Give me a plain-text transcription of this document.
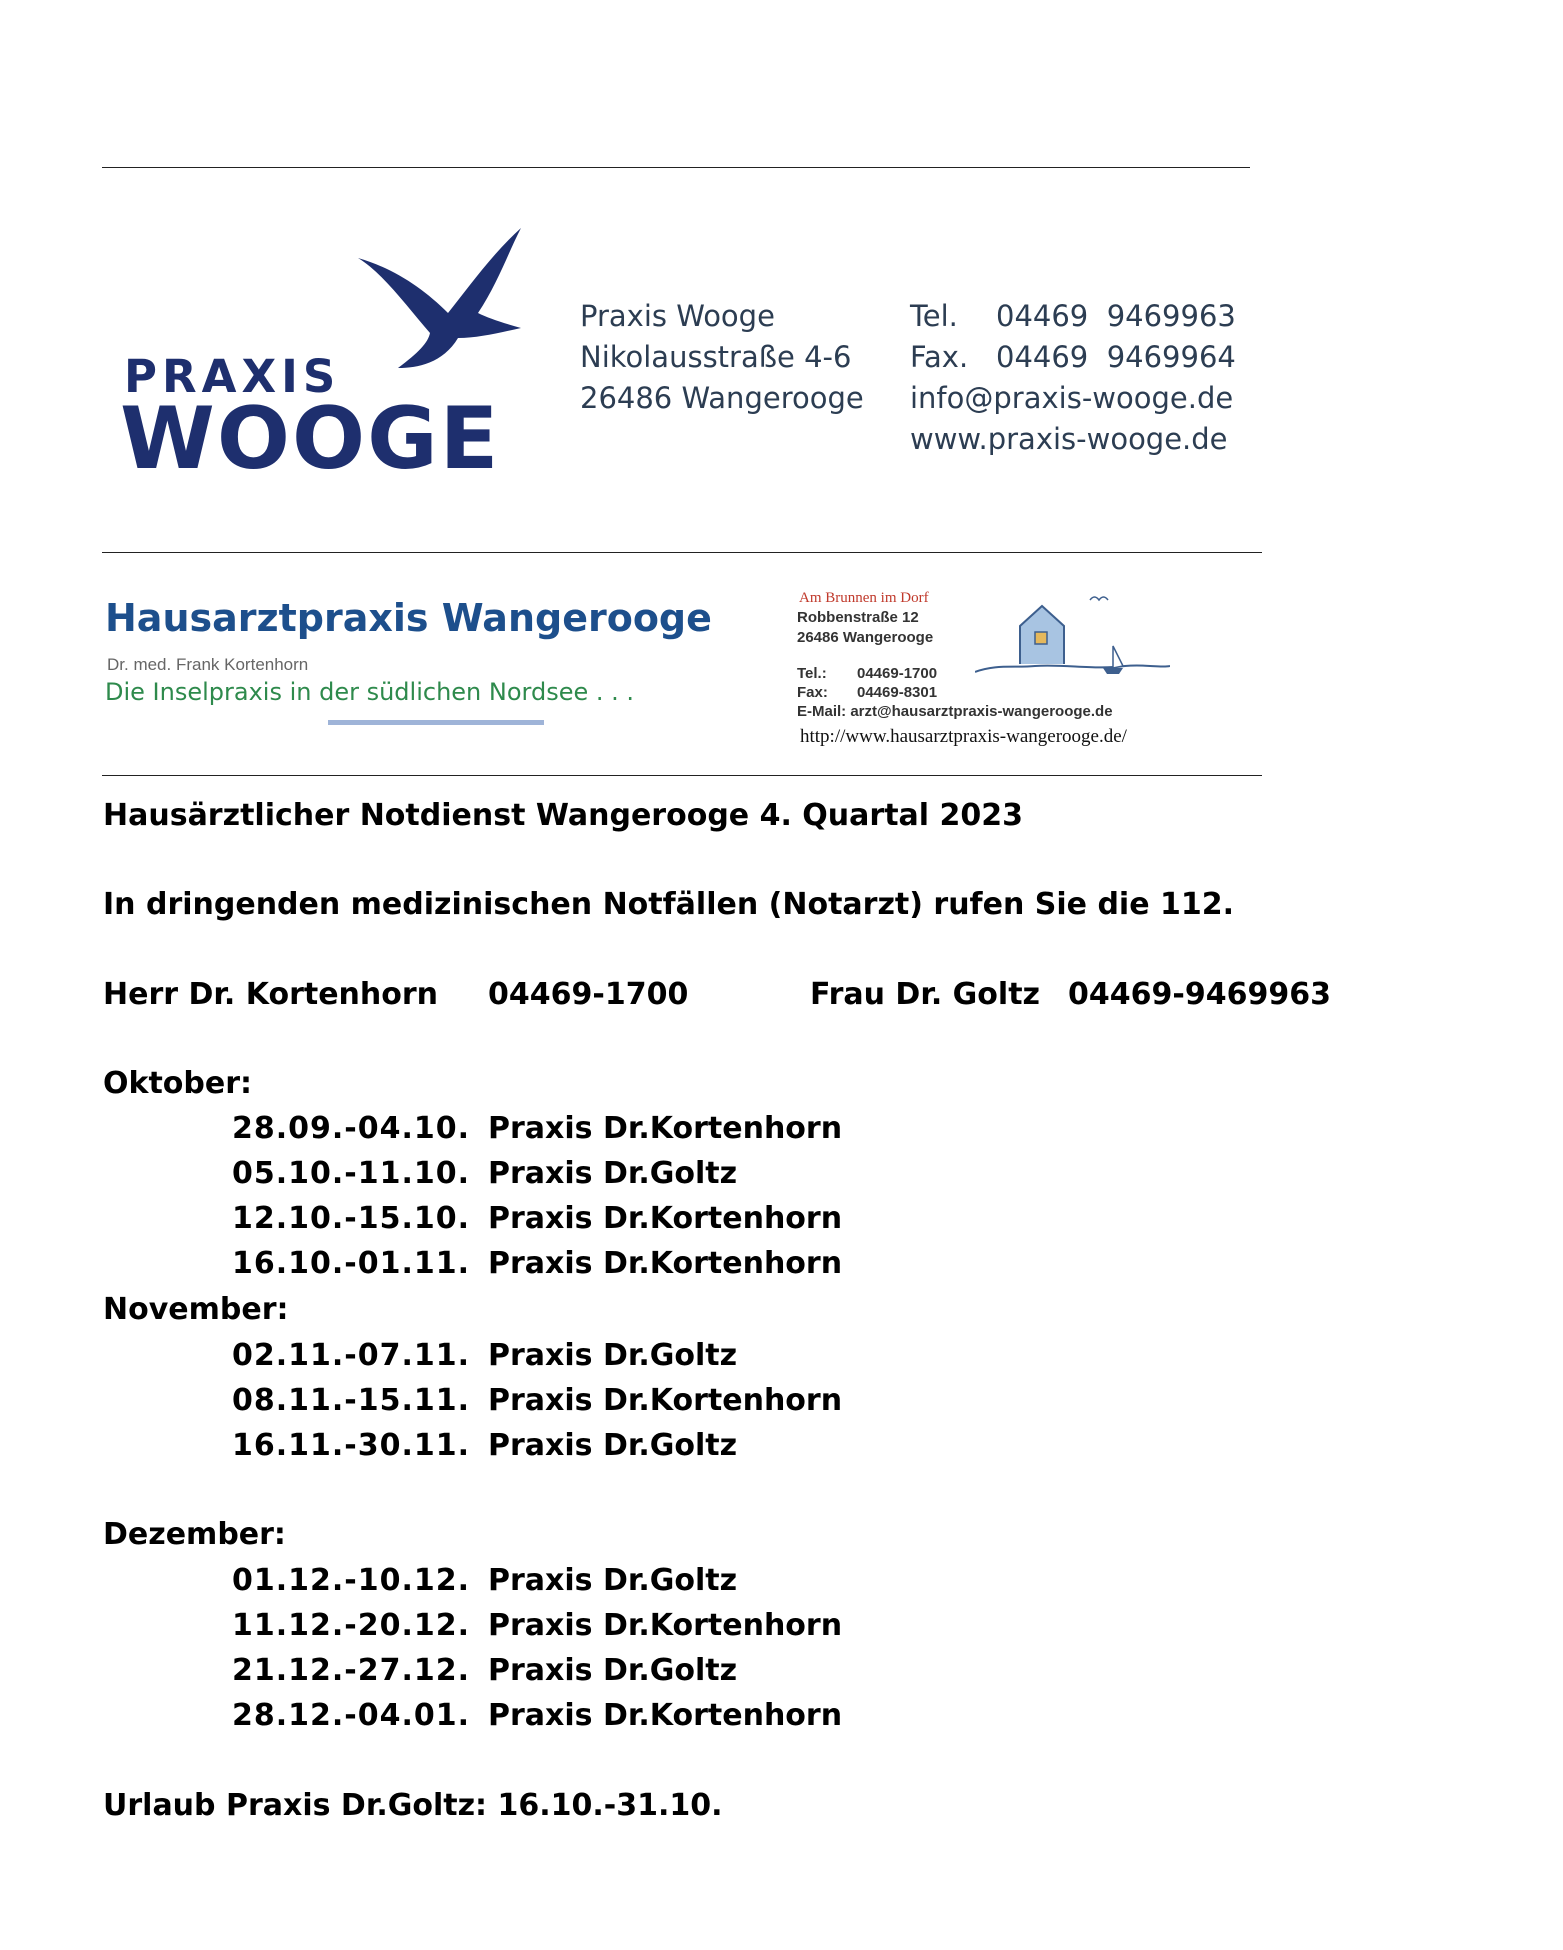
PRAXIS
WOOGE
Praxis Wooge
Nikolausstraße 4-6
26486 Wangerooge
Tel. 04469  9469963
Fax. 04469  9469964
info@praxis-wooge.de
www.praxis-wooge.de
Hausarztpraxis Wangerooge
Dr. med. Frank Kortenhorn
Die Inselpraxis in der südlichen Nordsee . . .
Am Brunnen im Dorf
Robbenstraße 12
26486 Wangerooge
Tel.: 04469-1700
Fax: 04469-8301
E-Mail: arzt@hausarztpraxis-wangerooge.de
http://www.hausarztpraxis-wangerooge.de/
Hausärztlicher Notdienst Wangerooge 4. Quartal 2023
In dringenden medizinischen Notfällen (Notarzt) rufen Sie die 112.
Herr Dr. Kortenhorn 04469-1700	Frau Dr. Goltz 04469-9469963
Oktober:
28.09.-04.10. Praxis Dr.Kortenhorn
05.10.-11.10. Praxis Dr.Goltz
12.10.-15.10. Praxis Dr.Kortenhorn
16.10.-01.11. Praxis Dr.Kortenhorn
November:
02.11.-07.11. Praxis Dr.Goltz
08.11.-15.11. Praxis Dr.Kortenhorn
16.11.-30.11. Praxis Dr.Goltz
Dezember:
01.12.-10.12. Praxis Dr.Goltz
11.12.-20.12. Praxis Dr.Kortenhorn
21.12.-27.12. Praxis Dr.Goltz
28.12.-04.01. Praxis Dr.Kortenhorn
Urlaub Praxis Dr.Goltz: 16.10.-31.10.
